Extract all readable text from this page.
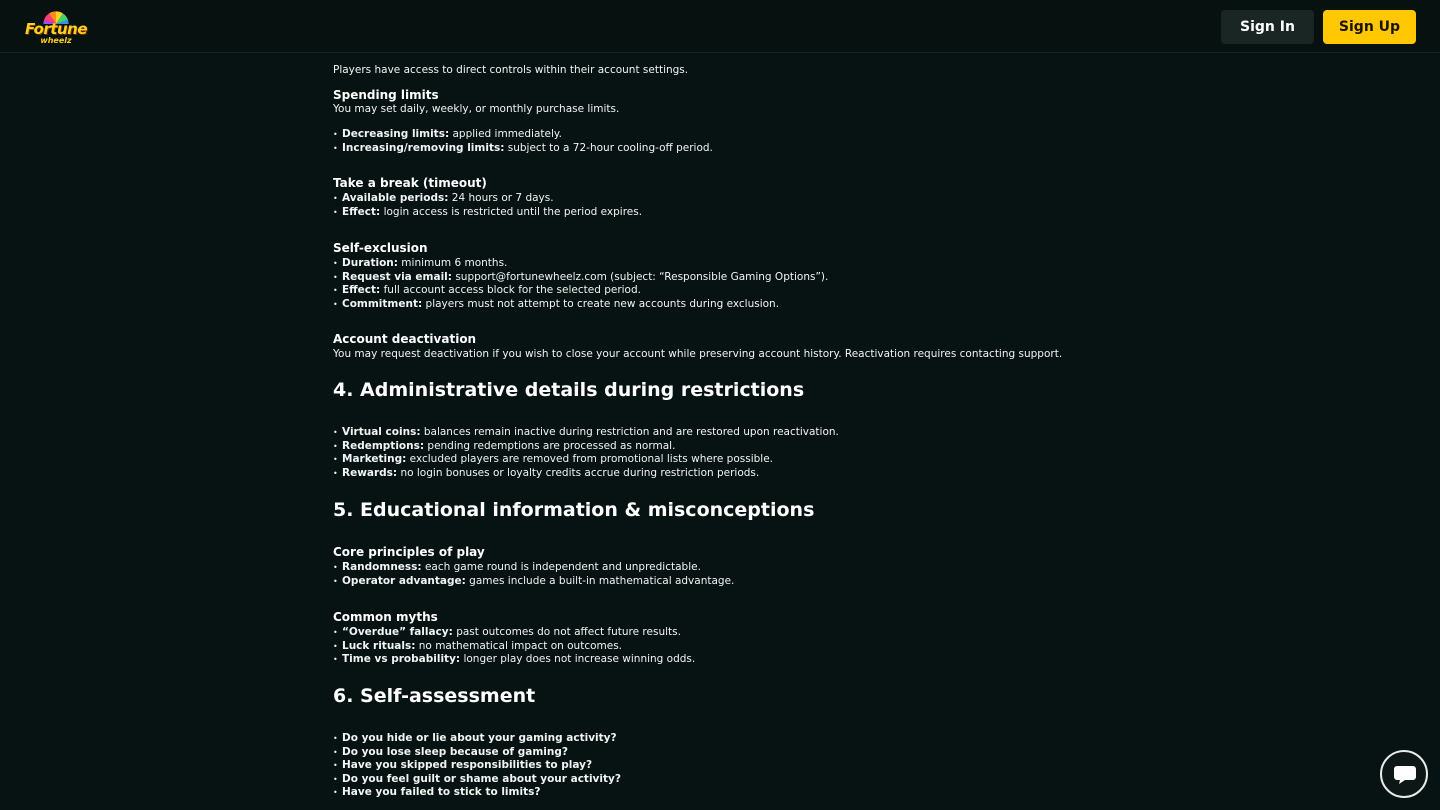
Fortune
wheelz
Sign In	Sign Up
Players have access to direct controls within their account settings.
Spending limits
You may set daily, weekly, or monthly purchase limits.
• Decreasing limits: applied immediately.
• Increasing/removing limits: subject to a 72-hour cooling-off period.
Take a break (timeout)
• Available periods: 24 hours or 7 days.
• Effect: login access is restricted until the period expires.
Self-exclusion
• Duration: minimum 6 months.
• Request via email: support@fortunewheelz.com (subject: “Responsible Gaming Options”).
• Effect: full account access block for the selected period.
• Commitment: players must not attempt to create new accounts during exclusion.
Account deactivation
You may request deactivation if you wish to close your account while preserving account history. Reactivation requires contacting support.
4. Administrative details during restrictions
• Virtual coins: balances remain inactive during restriction and are restored upon reactivation.
• Redemptions: pending redemptions are processed as normal.
• Marketing: excluded players are removed from promotional lists where possible.
• Rewards: no login bonuses or loyalty credits accrue during restriction periods.
5. Educational information & misconceptions
Core principles of play
• Randomness: each game round is independent and unpredictable.
• Operator advantage: games include a built-in mathematical advantage.
Common myths
• “Overdue” fallacy: past outcomes do not affect future results.
• Luck rituals: no mathematical impact on outcomes.
• Time vs probability: longer play does not increase winning odds.
6. Self-assessment
• Do you hide or lie about your gaming activity?
• Do you lose sleep because of gaming?
• Have you skipped responsibilities to play?
• Do you feel guilt or shame about your activity?
• Have you failed to stick to limits?
